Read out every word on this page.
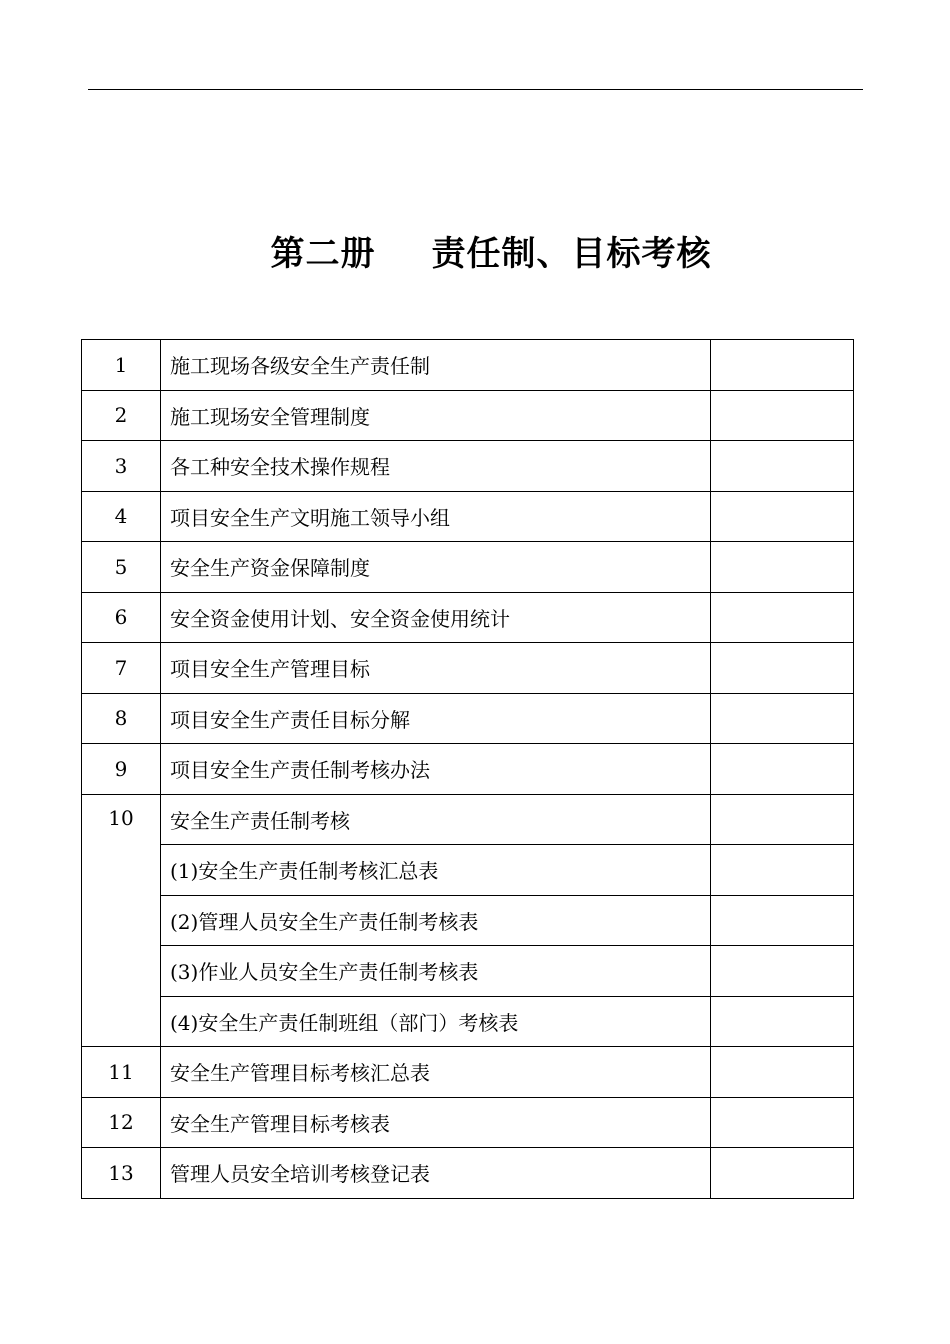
第二册 责任制、目标考核
1	施工现场各级安全生产责任制	
2	施工现场安全管理制度	
3	各工种安全技术操作规程	
4	项目安全生产文明施工领导小组	
5	安全生产资金保障制度	
6	安全资金使用计划、安全资金使用统计	
7	项目安全生产管理目标	
8	项目安全生产责任目标分解	
9	项目安全生产责任制考核办法	
10	安全生产责任制考核	
	(1)安全生产责任制考核汇总表	
	(2)管理人员安全生产责任制考核表	
	(3)作业人员安全生产责任制考核表	
	(4)安全生产责任制班组（部门）考核表	
11	安全生产管理目标考核汇总表	
12	安全生产管理目标考核表	
13	管理人员安全培训考核登记表	
